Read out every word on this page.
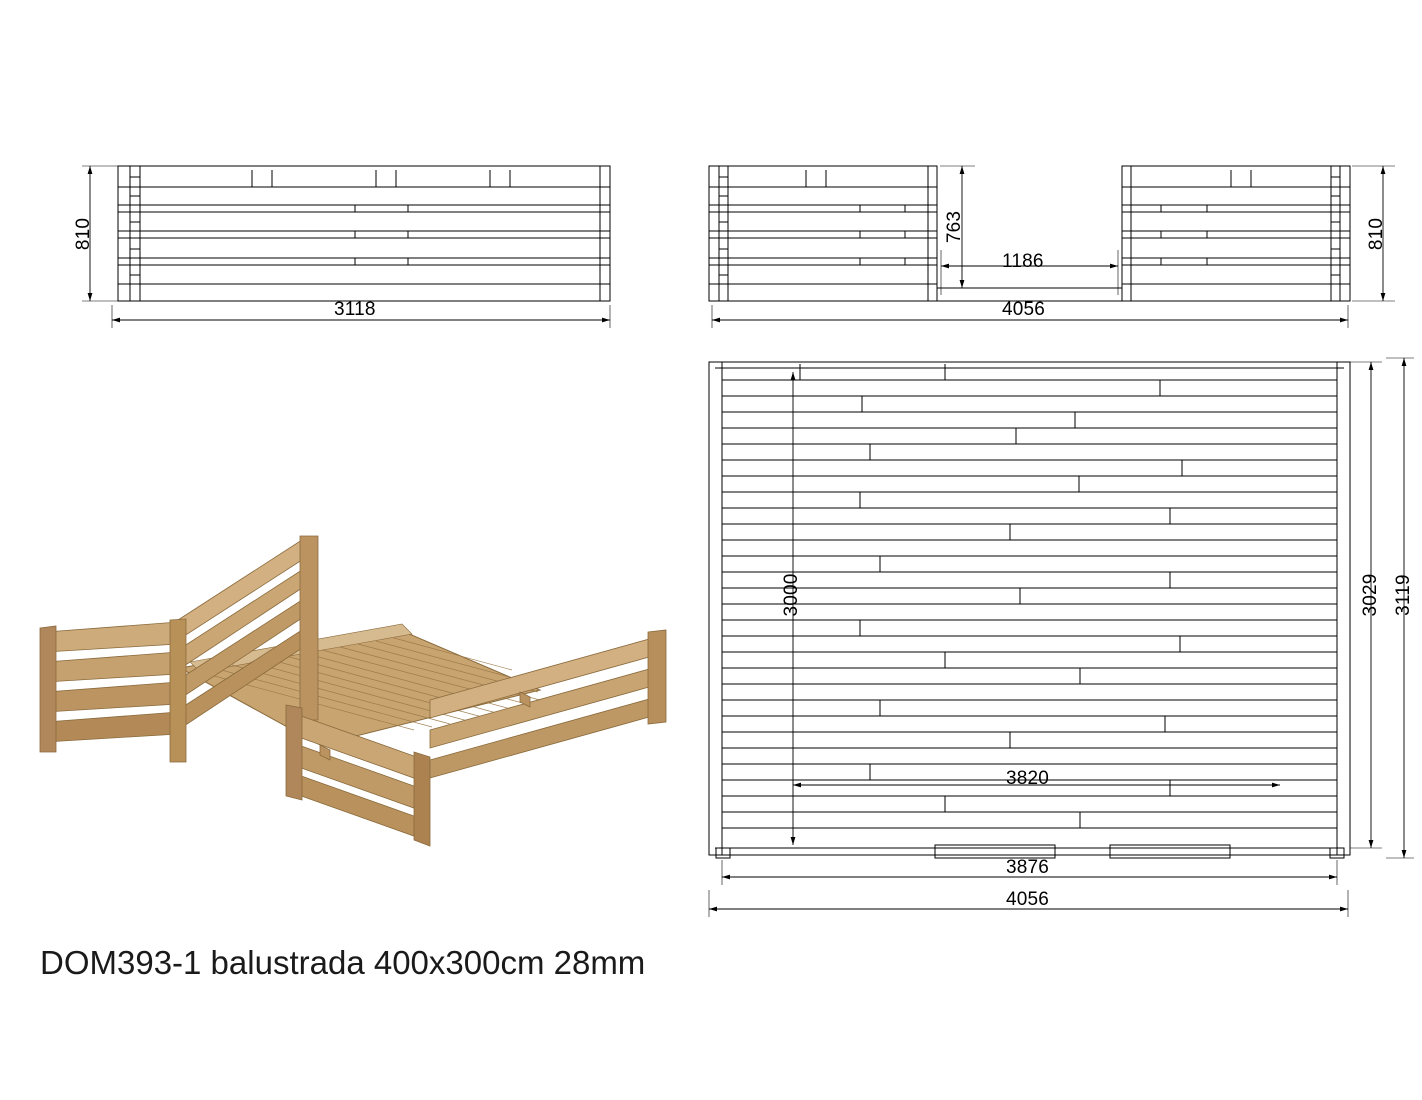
810
3118
763
1186
4056
810
3000	3029 3119
3820
3876
4056
DOM393-1 balustrada 400x300cm 28mm
